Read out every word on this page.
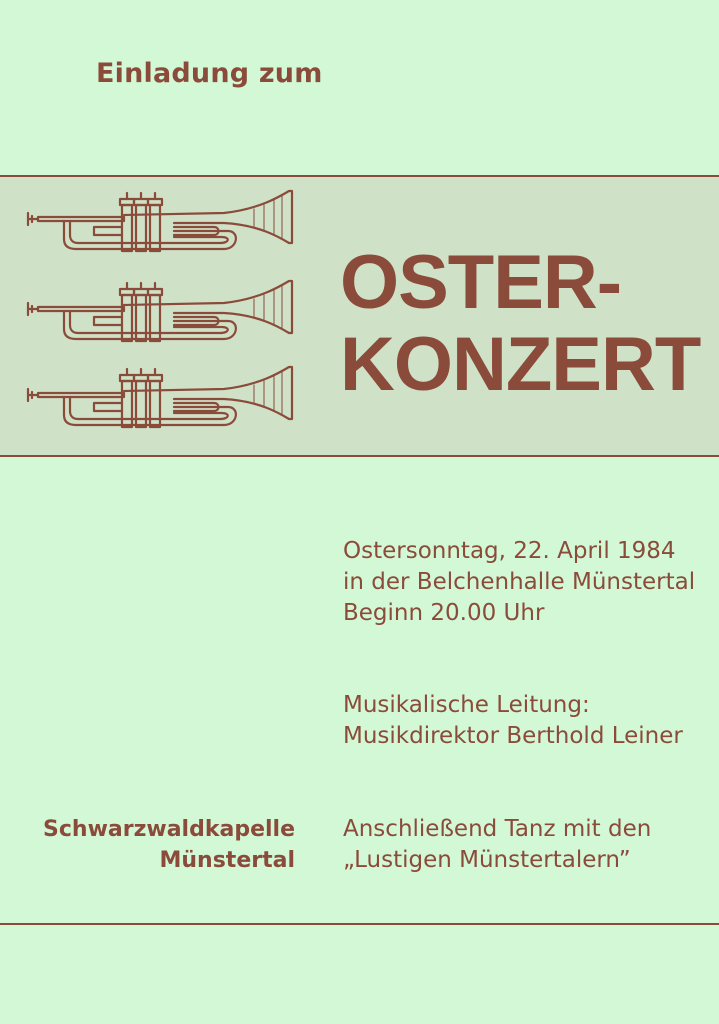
Einladung zum
OSTER-
KONZERT
Ostersonntag, 22. April 1984
in der Belchenhalle Münstertal
Beginn 20.00 Uhr
Musikalische Leitung:
Musikdirektor Berthold Leiner
Schwarzwaldkapelle
Münstertal
Anschließend Tanz mit den
„Lustigen Münstertalern”
